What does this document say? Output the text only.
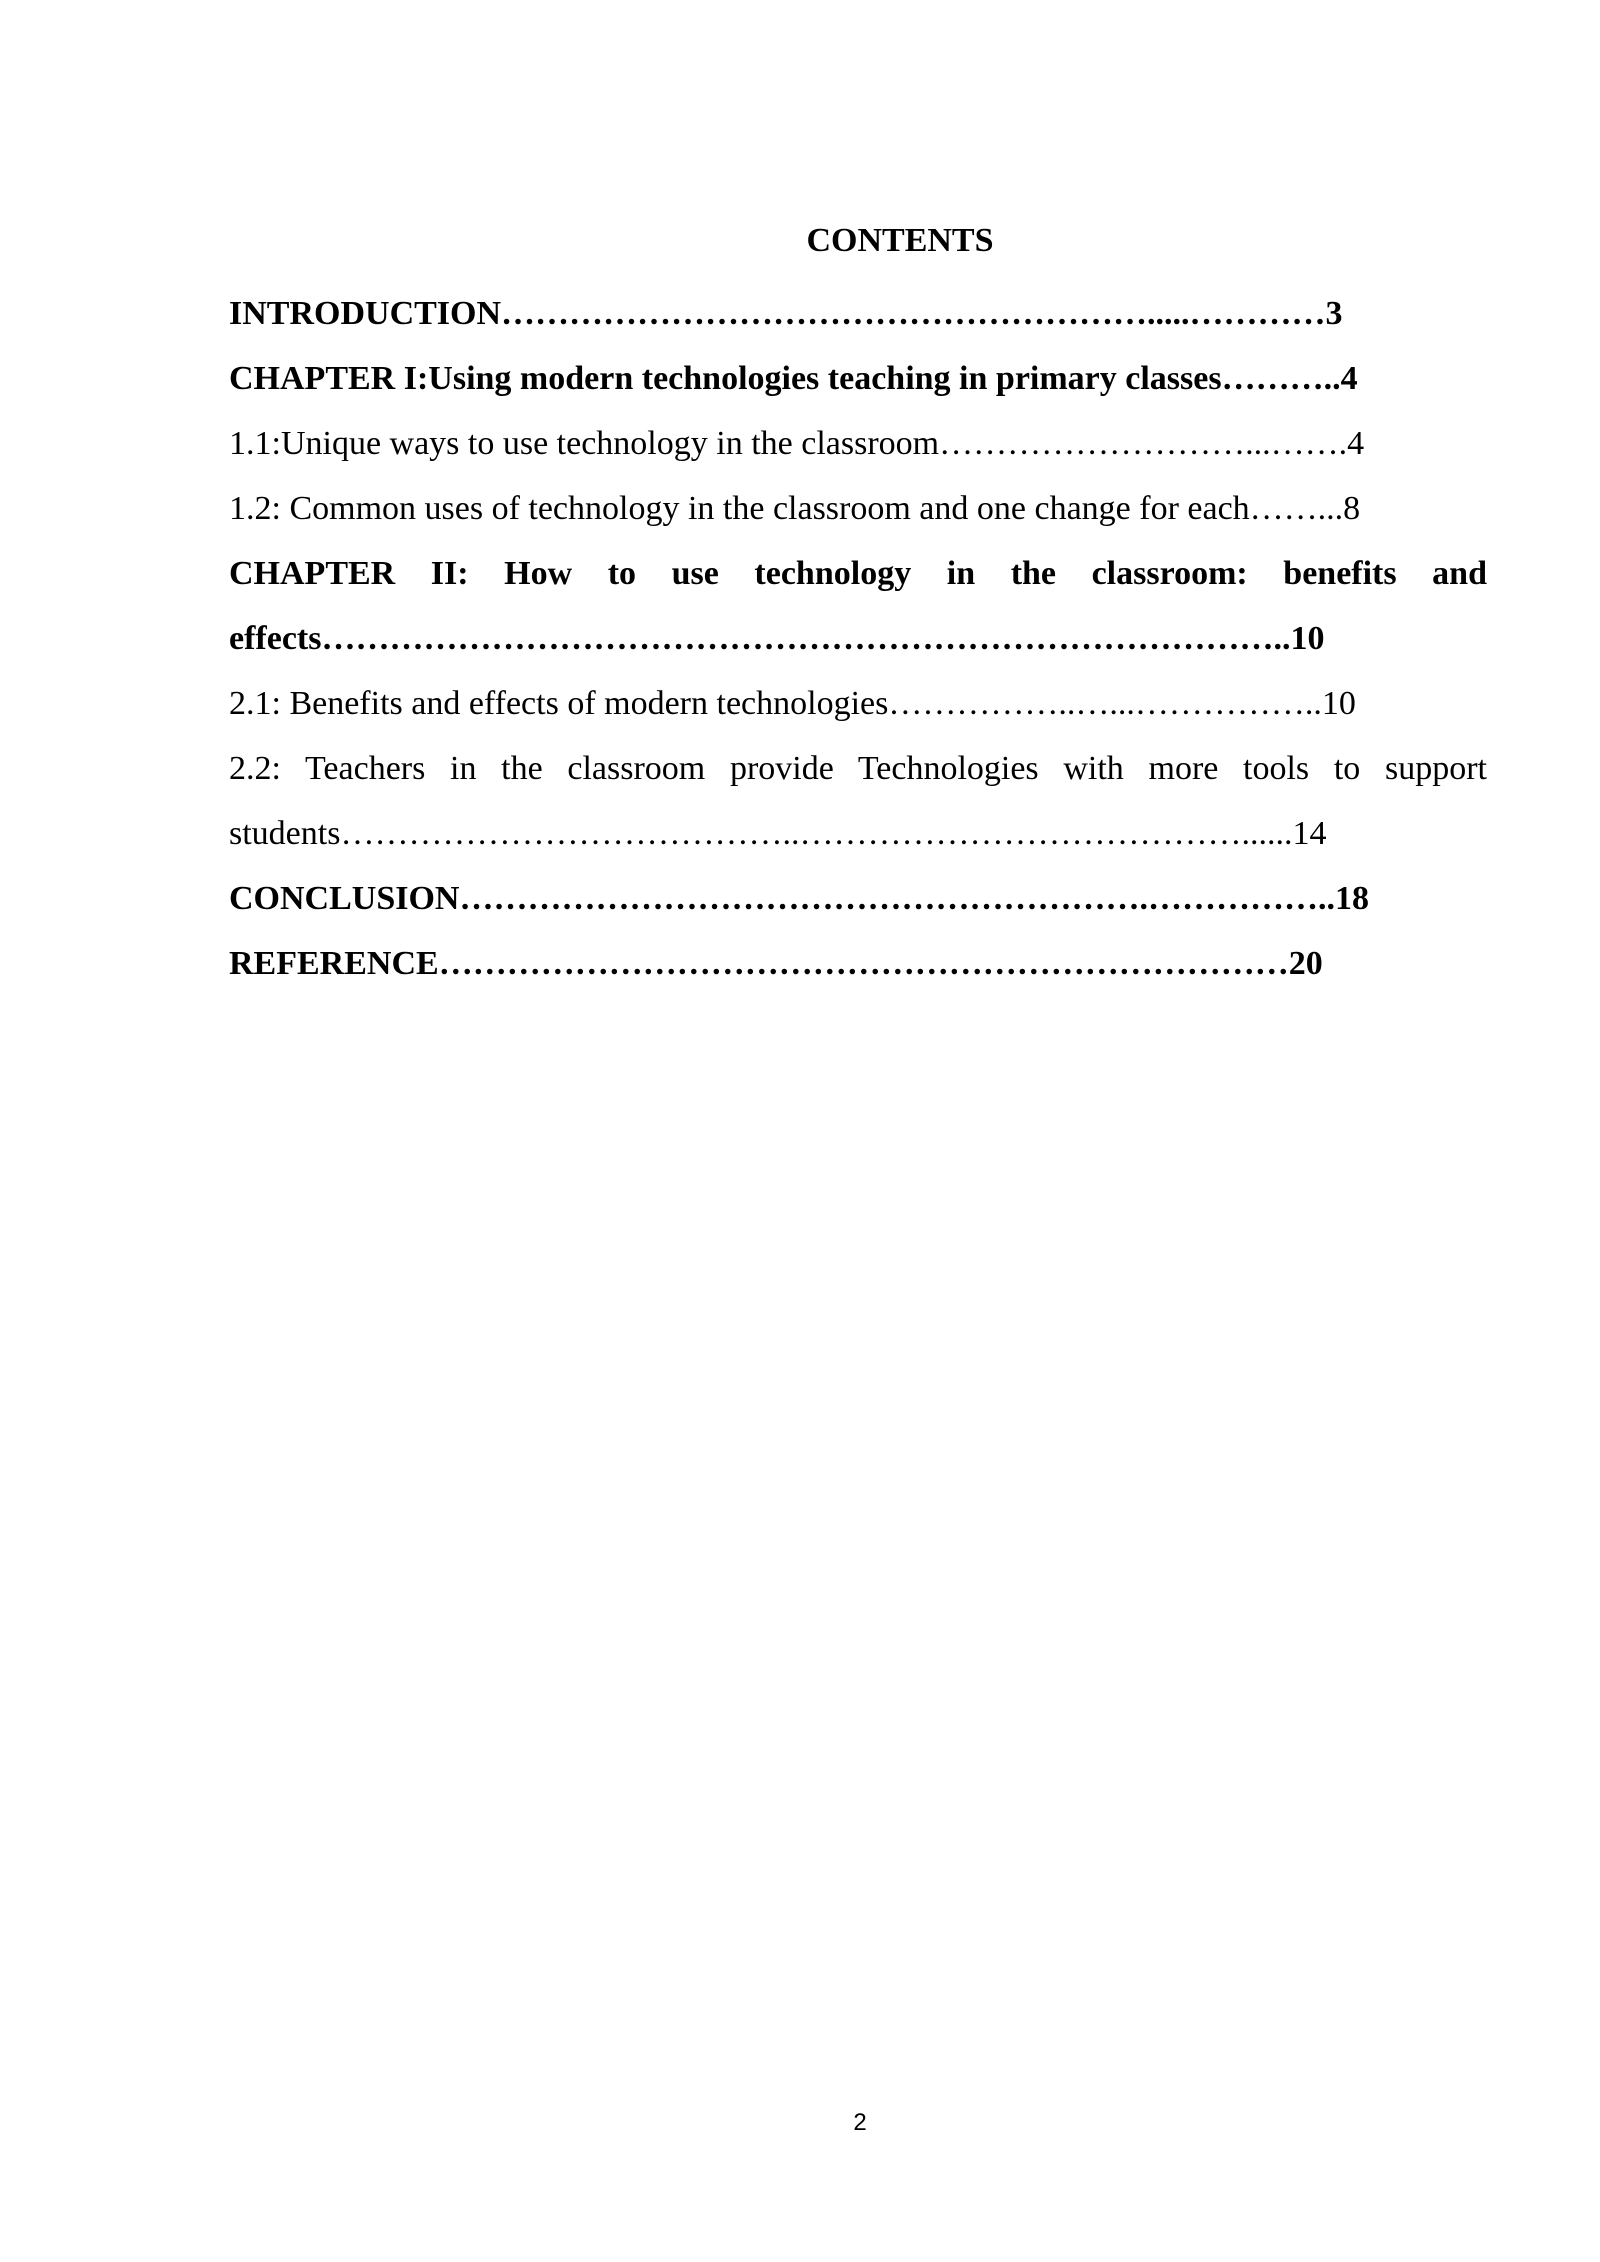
CONTENTS
INTRODUCTION………………………………………………….....…………3
CHAPTER I:Using modern technologies teaching in primary classes………..4
1.1:Unique ways to use technology in the classroom………………………...…….4
1.2: Common uses of technology in the classroom and one change for each……...8
CHAPTER II: How to use technology in the classroom: benefits and
effects…………………………………………………………………………..10
2.1: Benefits and effects of modern technologies……………..…...……………..10
2.2: Teachers in the classroom provide Technologies with more tools to support
students…………………………………..…………………………………......14
CONCLUSION…………………………………………………….……………..18
REFERENCE…………………………………………………………………20
2
